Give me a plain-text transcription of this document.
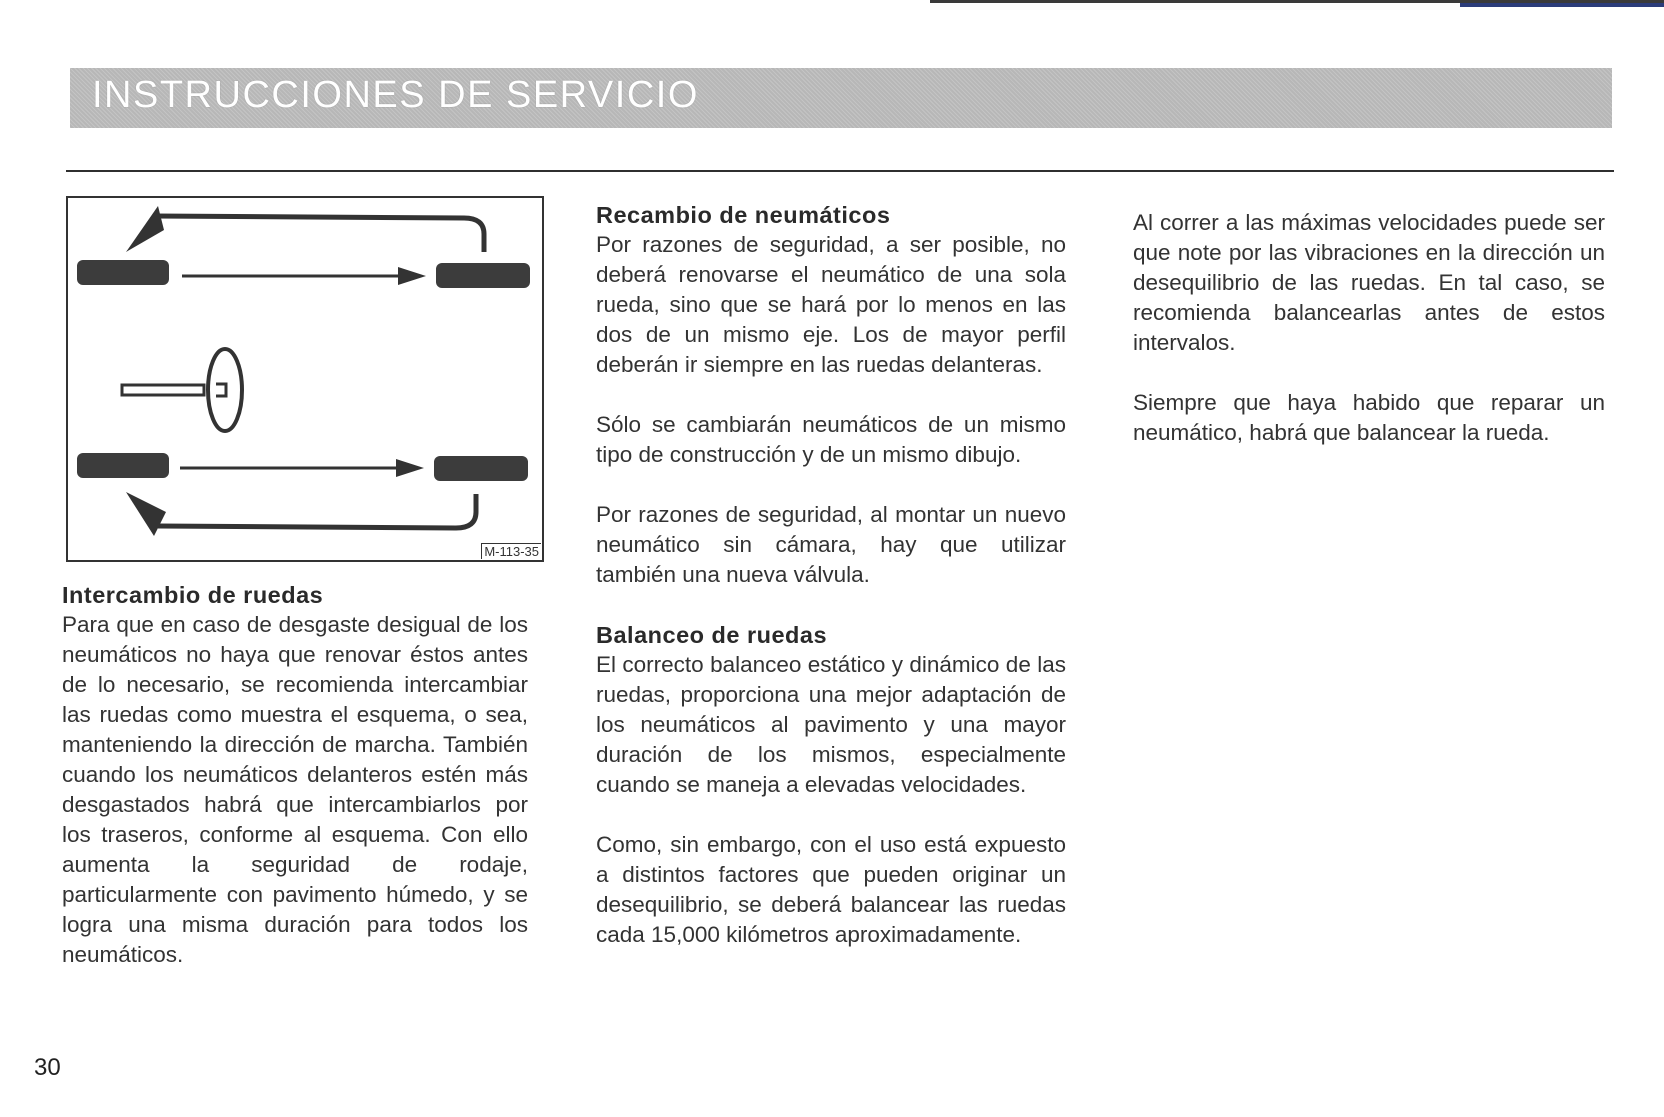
INSTRUCCIONES DE SERVICIO
M-113-35
Intercambio de ruedas

Para que en caso de desgaste desigual de los neumáticos no haya que renovar éstos antes de lo necesario, se recomienda intercambiar las ruedas como muestra el esquema, o sea, manteniendo la dirección de marcha. También cuando los neumáticos delanteros estén más desgastados habrá que intercambiarlos por los traseros, conforme al esquema. Con ello aumenta la seguridad de rodaje, particularmente con pavimento húmedo, y se logra una misma duración para todos los neumáticos.

Recambio de neumáticos

Por razones de seguridad, a ser posible, no deberá renovarse el neumático de una sola rueda, sino que se hará por lo menos en las dos de un mismo eje. Los de mayor perfil deberán ir siempre en las ruedas delanteras.

Sólo se cambiarán neumáticos de un mismo tipo de construcción y de un mismo dibujo.

Por razones de seguridad, al montar un nuevo neumático sin cámara, hay que utilizar también una nueva válvula.

Balanceo de ruedas

El correcto balanceo estático y dinámico de las ruedas, proporciona una mejor adaptación de los neumáticos al pavimento y una mayor duración de los mismos, especialmente cuando se maneja a elevadas velocidades.

Como, sin embargo, con el uso está expuesto a distintos factores que pueden originar un desequilibrio, se deberá balancear las ruedas cada 15,000 kilómetros aproximadamente.

Al correr a las máximas velocidades puede ser que note por las vibraciones en la dirección un desequilibrio de las ruedas. En tal caso, se recomienda balancearlas antes de estos intervalos.

Siempre que haya habido que reparar un neumático, habrá que balancear la rueda.

30
